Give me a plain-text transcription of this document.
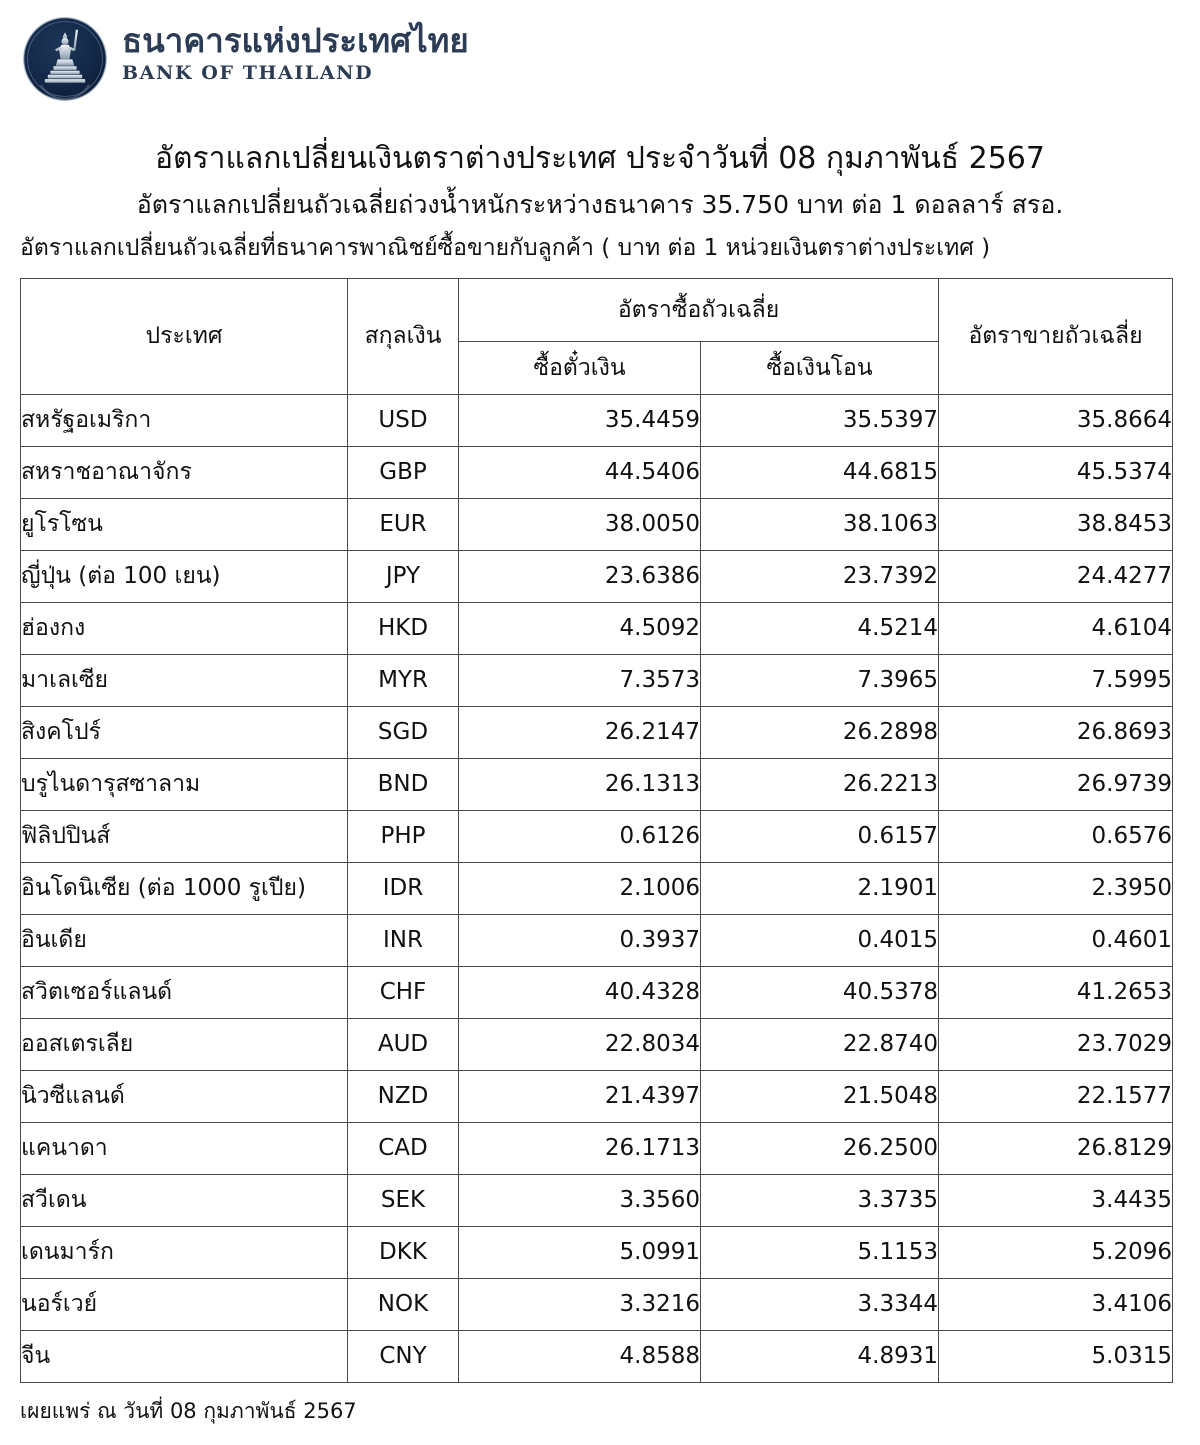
ธนาคารแห่งประเทศไทย
BANK OF THAILAND
อัตราแลกเปลี่ยนเงินตราต่างประเทศ ประจำวันที่ 08 กุมภาพันธ์ 2567
อัตราแลกเปลี่ยนถัวเฉลี่ยถ่วงน้ำหนักระหว่างธนาคาร 35.750 บาท ต่อ 1 ดอลลาร์ สรอ.
อัตราแลกเปลี่ยนถัวเฉลี่ยที่ธนาคารพาณิชย์ซื้อขายกับลูกค้า ( บาท ต่อ 1 หน่วยเงินตราต่างประเทศ )
ประเทศ	สกุลเงิน	อัตราซื้อถัวเฉลี่ย		อัตราขายถัวเฉลี่ย
		ซื้อตั๋วเงิน	ซื้อเงินโอน	
สหรัฐอเมริกา	USD	35.4459	35.5397	35.8664
สหราชอาณาจักร	GBP	44.5406	44.6815	45.5374
ยูโรโซน	EUR	38.0050	38.1063	38.8453
ญี่ปุ่น (ต่อ 100 เยน)	JPY	23.6386	23.7392	24.4277
ฮ่องกง	HKD	4.5092	4.5214	4.6104
มาเลเซีย	MYR	7.3573	7.3965	7.5995
สิงคโปร์	SGD	26.2147	26.2898	26.8693
บรูไนดารุสซาลาม	BND	26.1313	26.2213	26.9739
ฟิลิปปินส์	PHP	0.6126	0.6157	0.6576
อินโดนิเซีย (ต่อ 1000 รูเปีย)	IDR	2.1006	2.1901	2.3950
อินเดีย	INR	0.3937	0.4015	0.4601
สวิตเซอร์แลนด์	CHF	40.4328	40.5378	41.2653
ออสเตรเลีย	AUD	22.8034	22.8740	23.7029
นิวซีแลนด์	NZD	21.4397	21.5048	22.1577
แคนาดา	CAD	26.1713	26.2500	26.8129
สวีเดน	SEK	3.3560	3.3735	3.4435
เดนมาร์ก	DKK	5.0991	5.1153	5.2096
นอร์เวย์	NOK	3.3216	3.3344	3.4106
จีน	CNY	4.8588	4.8931	5.0315
เผยแพร่ ณ วันที่ 08 กุมภาพันธ์ 2567
